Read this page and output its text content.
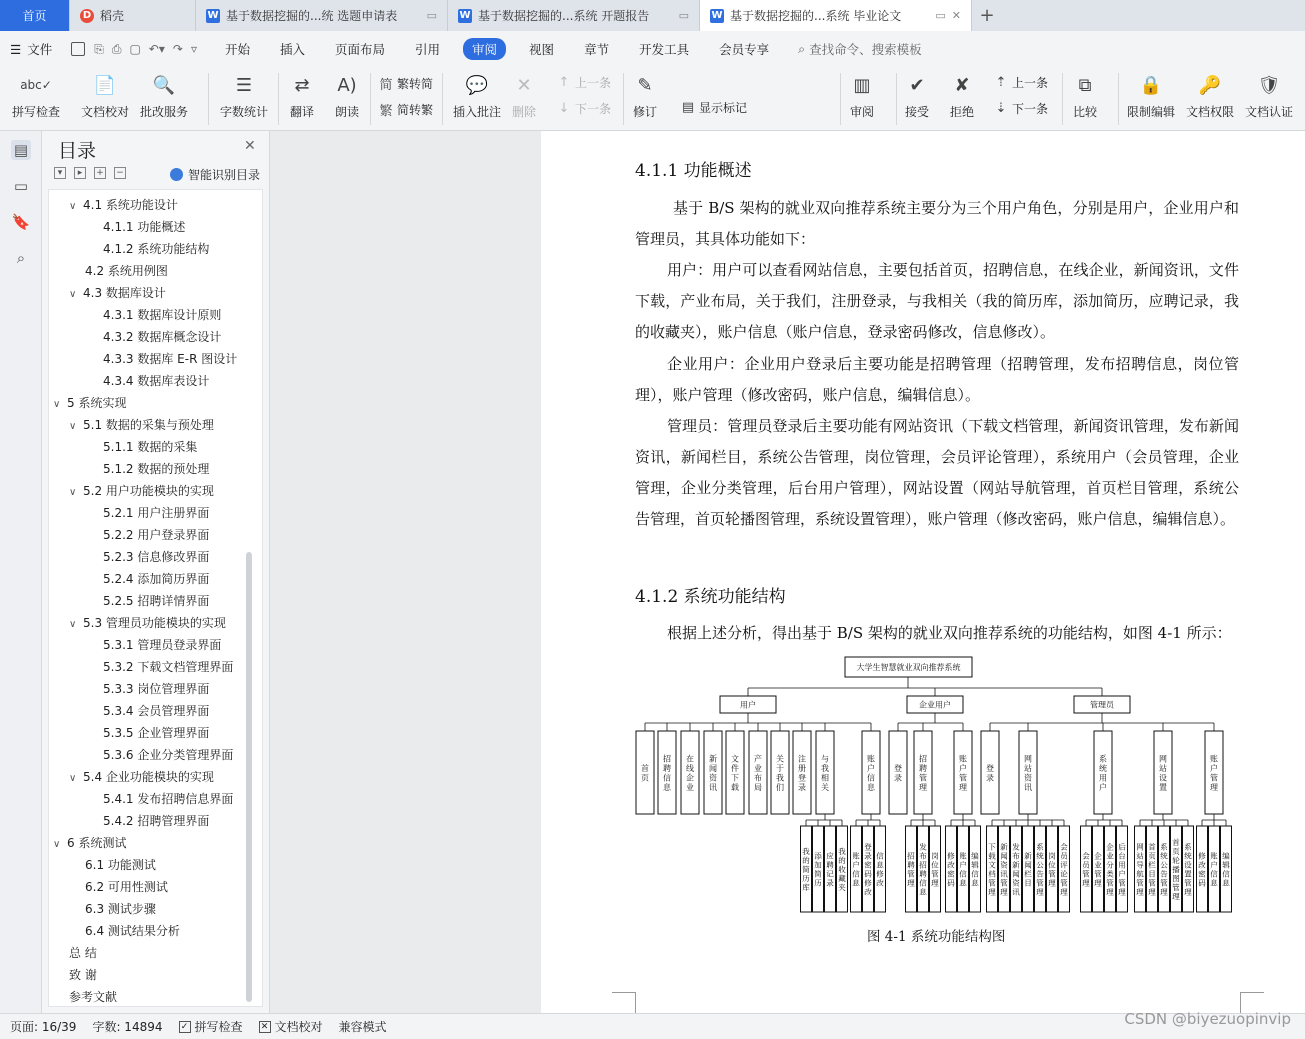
首页	D 稻壳	W 基于数据挖掘的...统 选题申请表	▭ W 基于数据挖掘的...系统 开题报告	▭ W 基于数据挖掘的...系统 毕业论文	▭ ✕	+
☰ 文件	⎘ ⎙ ▢ ↶▾ ↷ ▿ 开始 插入 页面布局 引用	审阅	视图 章节 开发工具 会员专享 ⌕ 查找命令、搜索模板
abc✓
拼写检查
📄
文档校对
🔍
批改服务
☰
字数统计
⇄
翻译
A)
朗读
简 繁转简
繁 简转繁
💬
插入批注
✕
删除
↑ 上一条
↓ 下一条
✎
修订 ▤ 显示标记
▥
审阅
✔
接受
✘
拒绝
⇡ 上一条
⇣ 下一条
⧉
比较
🔒
限制编辑
🔑
文档权限
🛡
文档认证
▤
▭
🔖
⌕
目录	✕
▾	▸	+ −	智能识别目录
∨ 4.1 系统功能设计
4.1.1 功能概述
4.1.2 系统功能结构
4.2 系统用例图
∨ 4.3 数据库设计
4.3.1 数据库设计原则
4.3.2 数据库概念设计
4.3.3 数据库 E-R 图设计
4.3.4 数据库表设计
∨ 5 系统实现
∨ 5.1 数据的采集与预处理
5.1.1 数据的采集
5.1.2 数据的预处理
∨ 5.2 用户功能模块的实现
5.2.1 用户注册界面
5.2.2 用户登录界面
5.2.3 信息修改界面
5.2.4 添加简历界面
5.2.5 招聘详情界面
∨ 5.3 管理员功能模块的实现
5.3.1 管理员登录界面
5.3.2 下载文档管理界面
5.3.3 岗位管理界面
5.3.4 会员管理界面
5.3.5 企业管理界面
5.3.6 企业分类管理界面
∨ 5.4 企业功能模块的实现
5.4.1 发布招聘信息界面
5.4.2 招聘管理界面
∨ 6 系统测试
6.1 功能测试
6.2 可用性测试
6.3 测试步骤
6.4 测试结果分析
总 结
致 谢
参考文献
4.1.1 功能概述
基于 B/S 架构的就业双向推荐系统主要分为三个用户角色，分别是用户，企业用户和管理员，其具体功能如下：
用户：用户可以查看网站信息，主要包括首页，招聘信息，在线企业，新闻资讯，文件下载，产业布局，关于我们，注册登录，与我相关（我的简历库，添加简历，应聘记录，我的收藏夹），账户信息（账户信息，登录密码修改，信息修改）。
企业用户：企业用户登录后主要功能是招聘管理（招聘管理，发布招聘信息，岗位管理），账户管理（修改密码，账户信息，编辑信息）。
管理员：管理员登录后主要功能有网站资讯（下载文档管理，新闻资讯管理，发布新闻资讯，新闻栏目，系统公告管理，岗位管理，会员评论管理），系统用户（会员管理，企业管理，企业分类管理，后台用户管理），网站设置（网站导航管理，首页栏目管理，系统公告管理，首页轮播图管理，系统设置管理），账户管理（修改密码，账户信息，编辑信息）。
4.1.2 系统功能结构
根据上述分析，得出基于 B/S 架构的就业双向推荐系统的功能结构，如图 4-1 所示：
大学生智慧就业双向推荐系统
用户	企业用户	管理员
首
页
招
聘
信
息
在
线
企
业
新
闻
资
讯
文
件
下
载
产
业
布
局
关
于
我
们
注
册
登
录
与
我
相
关
账
户
信
息
登
录
招
聘
管
理
账
户
管
理
登
录
网
站
资
讯
系
统
用
户
网
站
设
置
账
户
管
理
我
的
简
历
库
添
加
简
历
应
聘
记
录
我
的
收
藏
夹
账
户
信
息
登
录
密
码
修
改
信
息
修
改
招
聘
管
理
发
布
招
聘
信
息
岗
位
管
理
修
改
密
码
账
户
信
息
编
辑
信
息
下
载
文
档
管
理
新
闻
资
讯
管
理
发
布
新
闻
资
讯
新
闻
栏
目
系
统
公
告
管
理
岗
位
管
理
会
员
评
论
管
理
会
员
管
理
企
业
管
理
企
业
分
类
管
理
后
台
用
户
管
理
网
站
导
航
管
理
首
页
栏
目
管
理
系
统
公
告
管
理
首
页
轮
播
图
管
理
系
统
设
置
管
理
修
改
密
码
账
户
信
息
编
辑
信
息
图 4-1 系统功能结构图
页面: 16/39 字数: 14894 ✓ 拼写检查 ✕ 文档校对 兼容模式	CSDN @biyezuopinvip
